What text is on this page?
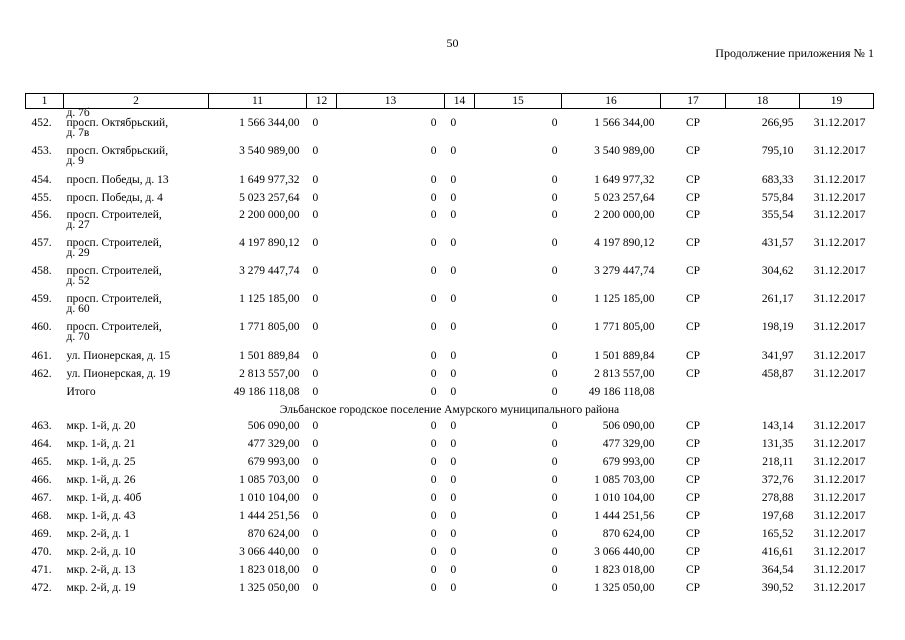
50
Продолжение приложения № 1
1	2	11	12	13	14	15	16	17	18	19
	д. 7б									
452.	просп. Октябрьский,
д. 7в	1 566 344,00	0	0	0	0	1 566 344,00	СР	266,95	31.12.2017
453.	просп. Октябрьский,
д. 9	3 540 989,00	0	0	0	0	3 540 989,00	СР	795,10	31.12.2017
454.	просп. Победы, д. 13	1 649 977,32	0	0	0	0	1 649 977,32	СР	683,33	31.12.2017
455.	просп. Победы, д. 4	5 023 257,64	0	0	0	0	5 023 257,64	СР	575,84	31.12.2017
456.	просп. Строителей,
д. 27	2 200 000,00	0	0	0	0	2 200 000,00	СР	355,54	31.12.2017
457.	просп. Строителей,
д. 29	4 197 890,12	0	0	0	0	4 197 890,12	СР	431,57	31.12.2017
458.	просп. Строителей,
д. 52	3 279 447,74	0	0	0	0	3 279 447,74	СР	304,62	31.12.2017
459.	просп. Строителей,
д. 60	1 125 185,00	0	0	0	0	1 125 185,00	СР	261,17	31.12.2017
460.	просп. Строителей,
д. 70	1 771 805,00	0	0	0	0	1 771 805,00	СР	198,19	31.12.2017
461.	ул. Пионерская, д. 15	1 501 889,84	0	0	0	0	1 501 889,84	СР	341,97	31.12.2017
462.	ул. Пионерская, д. 19	2 813 557,00	0	0	0	0	2 813 557,00	СР	458,87	31.12.2017
	Итого	49 186 118,08	0	0	0	0	49 186 118,08			
Эльбанское городское поселение Амурского муниципального района										
463.	мкр. 1-й, д. 20	506 090,00	0	0	0	0	506 090,00	СР	143,14	31.12.2017
464.	мкр. 1-й, д. 21	477 329,00	0	0	0	0	477 329,00	СР	131,35	31.12.2017
465.	мкр. 1-й, д. 25	679 993,00	0	0	0	0	679 993,00	СР	218,11	31.12.2017
466.	мкр. 1-й, д. 26	1 085 703,00	0	0	0	0	1 085 703,00	СР	372,76	31.12.2017
467.	мкр. 1-й, д. 40б	1 010 104,00	0	0	0	0	1 010 104,00	СР	278,88	31.12.2017
468.	мкр. 1-й, д. 43	1 444 251,56	0	0	0	0	1 444 251,56	СР	197,68	31.12.2017
469.	мкр. 2-й, д. 1	870 624,00	0	0	0	0	870 624,00	СР	165,52	31.12.2017
470.	мкр. 2-й, д. 10	3 066 440,00	0	0	0	0	3 066 440,00	СР	416,61	31.12.2017
471.	мкр. 2-й, д. 13	1 823 018,00	0	0	0	0	1 823 018,00	СР	364,54	31.12.2017
472.	мкр. 2-й, д. 19	1 325 050,00	0	0	0	0	1 325 050,00	СР	390,52	31.12.2017
